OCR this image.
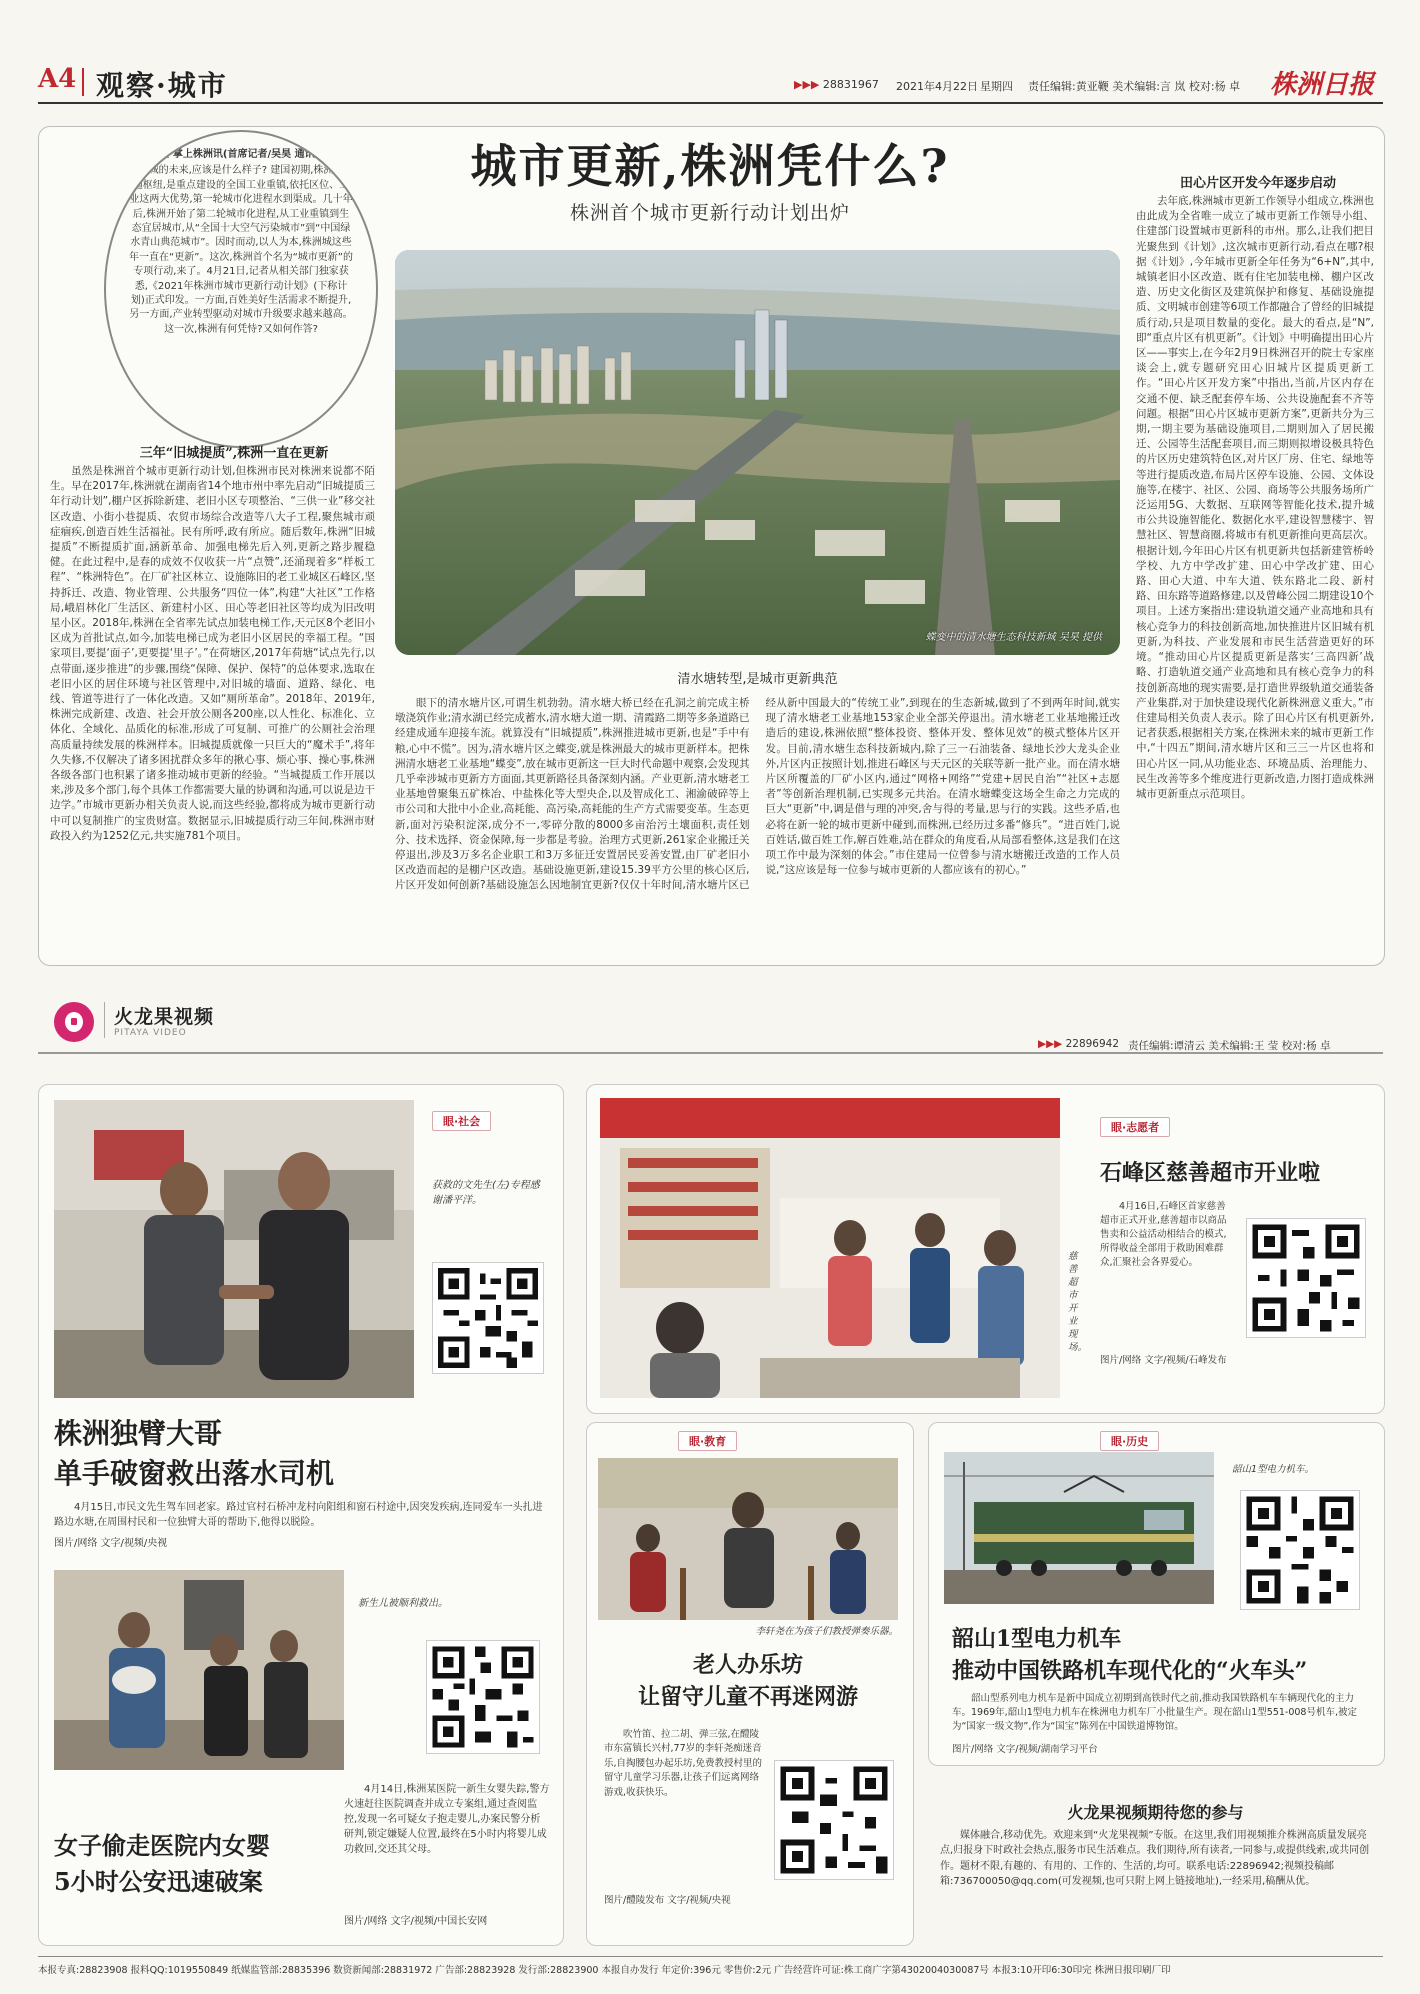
A4 观察·城市	▶▶▶ 28831967 2021年4月22日 星期四 责任编辑:黄亚鞭 美术编辑:言 岚 校对:杨 卓 株洲日报
株洲日报·掌上株洲讯(首席记者/吴昊 通讯员/代璐)
株洲城的未来,应该是什么样子? 建国初期,株洲是交通枢纽,是重点建设的全国工业重镇,依托区位、工业这两大优势,第一轮城市化进程水到渠成。几十年后,株洲开始了第二轮城市化进程,从工业重镇到生态宜居城市,从“全国十大空气污染城市”到“中国绿水青山典范城市”。因时而动,以人为本,株洲城这些年一直在“更新”。这次,株洲首个名为“城市更新”的专项行动,来了。4月21日,记者从相关部门独家获悉,《2021年株洲市城市更新行动计划》(下称计划)正式印发。一方面,百姓美好生活需求不断提升,另一方面,产业转型驱动对城市升级要求越来越高。这一次,株洲有何凭恃?又如何作答?
城市更新,株洲凭什么?
株洲首个城市更新行动计划出炉
蝶变中的清水塘生态科技新城 吴昊 提供
清水塘转型,是城市更新典范
三年“旧城提质”,株洲一直在更新
虽然是株洲首个城市更新行动计划,但株洲市民对株洲来说都不陌生。早在2017年,株洲就在湖南省14个地市州中率先启动“旧城提质三年行动计划”,棚户区拆除新建、老旧小区专项整治、“三供一业”移交社区改造、小街小巷提质、农贸市场综合改造等八大子工程,聚焦城市顽症痼疾,创造百姓生活福祉。民有所呼,政有所应。随后数年,株洲“旧城提质”不断提质扩面,涵新革命、加强电梯先后入列,更新之路步履稳健。在此过程中,是春的成效不仅收获一片“点赞”,还涌现着多“样板工程”、“株洲特色”。在厂矿社区林立、设施陈旧的老工业城区石峰区,坚持拆迁、改造、物业管理、公共服务“四位一体”,构建“大社区”工作格局,峨眉林化厂生活区、新建村小区、田心等老旧社区等均成为旧改明星小区。2018年,株洲在全省率先试点加装电梯工作,天元区8个老旧小区成为首批试点,如今,加装电梯已成为老旧小区居民的幸福工程。“国家项目,要提‘面子’,更要提‘里子’。”在荷塘区,2017年荷塘“试点先行,以点带面,逐步推进”的步骤,围绕“保障、保护、保特”的总体要求,选取在老旧小区的居住环境与社区管理中,对旧城的墙面、道路、绿化、电线、管道等进行了一体化改造。又如“厕所革命”。2018年、2019年,株洲完成新建、改造、社会开放公厕各200座,以人性化、标准化、立体化、全域化、品质化的标准,形成了可复制、可推广的公厕社会治理高质量持续发展的株洲样本。旧城提质就像一只巨大的“魔术手”,将年久失修,不仅解决了诸多困扰群众多年的揪心事、烦心事、操心事,株洲各级各部门也积累了诸多推动城市更新的经验。“当城提质工作开展以来,涉及多个部门,每个具体工作都需要大量的协调和沟通,可以说是边干边学。”市城市更新办相关负责人说,而这些经验,都将成为城市更新行动中可以复制推广的宝贵财富。数据显示,旧城提质行动三年间,株洲市财政投入约为1252亿元,共实施781个项目。
眼下的清水塘片区,可谓生机勃勃。清水塘大桥已经在孔洞之前完成主桥墩浇筑作业;清水湖已经完成蓄水,清水塘大道一期、清霞路二期等多条道路已经建成通车迎接车流。就算没有“旧城提质”,株洲推进城市更新,也是“手中有粮,心中不慌”。因为,清水塘片区之蝶变,就是株洲最大的城市更新样本。把株洲清水塘老工业基地“蝶变”,放在城市更新这一巨大时代命题中观察,会发现其几乎牵涉城市更新方方面面,其更新路径具备深刻内涵。产业更新,清水塘老工业基地曾聚集五矿株冶、中盐株化等大型央企,以及智成化工、湘渝破碎等上市公司和大批中小企业,高耗能、高污染,高耗能的生产方式需要变革。生态更新,面对污染积淀深,成分不一,零碎分散的8000多亩治污土壤面积,责任划分、技术选择、资金保障,每一步都是考验。治理方式更新,261家企业搬迁关停退出,涉及3万多名企业职工和3万多征迁安置居民妥善安置,由厂矿老旧小区改造而起的是棚户区改造。基础设施更新,建设15.39平方公里的核心区后,片区开发如何创新?基础设施怎么因地制宜更新?仅仅十年时间,清水塘片区已经从新中国最大的“传统工业”,到现在的生态新城,做到了不到两年时间,就实现了清水塘老工业基地153家企业全部关停退出。清水塘老工业基地搬迁改造后的建设,株洲依照“整体投资、整体开发、整体见效”的模式整体片区开发。目前,清水塘生态科技新城内,除了三一石油装备、绿地长沙大龙头企业外,片区内正按照计划,推进石峰区与天元区的关联等新一批产业。而在清水塘片区所覆盖的厂矿小区内,通过“网格+网络”“党建+居民自治”“社区+志愿者”等创新治理机制,已实现多元共治。在清水塘蝶变这场全生命之力完成的巨大“更新”中,调是借与理的冲突,舍与得的考量,思与行的实践。这些矛盾,也必将在新一轮的城市更新中碰到,而株洲,已经历过多番“修兵”。“进百姓门,说百姓话,做百姓工作,解百姓难,站在群众的角度看,从局部看整体,这是我们在这项工作中最为深刻的体会。”市住建局一位曾参与清水塘搬迁改造的工作人员说,“这应该是每一位参与城市更新的人都应该有的初心。”
田心片区开发今年逐步启动
去年底,株洲城市更新工作领导小组成立,株洲也由此成为全省唯一成立了城市更新工作领导小组、住建部门设置城市更新科的市州。那么,让我们把目光聚焦到《计划》,这次城市更新行动,看点在哪?根据《计划》,今年城市更新全年任务为“6+N”,其中,城镇老旧小区改造、既有住宅加装电梯、棚户区改造、历史文化街区及建筑保护和修复、基础设施提质、文明城市创建等6项工作都融合了曾经的旧城提质行动,只是项目数量的变化。最大的看点,是“N”,即“重点片区有机更新”。《计划》中明确提出田心片区——事实上,在今年2月9日株洲召开的院士专家座谈会上,就专题研究田心旧城片区提质更新工作。“田心片区开发方案”中指出,当前,片区内存在交通不便、缺乏配套停车场、公共设施配套不齐等问题。根据“田心片区城市更新方案”,更新共分为三期,一期主要为基础设施项目,二期则加入了居民搬迁、公园等生活配套项目,而三期则拟增设极具特色的片区历史建筑特色区,对片区厂房、住宅、绿地等等进行提质改造,布局片区停车设施、公园、文体设施等,在楼宇、社区、公园、商场等公共服务场所广泛运用5G、大数据、互联网等智能化技术,提升城市公共设施智能化、数据化水平,建设智慧楼宇、智慧社区、智慧商圈,将城市有机更新推向更高层次。根据计划,今年田心片区有机更新共包括新建管桥岭学校、九方中学改扩建、田心中学改扩建、田心路、田心大道、中车大道、铁东路北二段、新村路、田东路等道路修建,以及曾峰公园二期建设10个项目。上述方案指出:建设轨道交通产业高地和具有核心竞争力的科技创新高地,加快推进片区旧城有机更新,为科技、产业发展和市民生活营造更好的环境。“推动田心片区提质更新是落实‘三高四新’战略、打造轨道交通产业高地和具有核心竞争力的科技创新高地的现实需要,是打造世界级轨道交通装备产业集群,对于加快建设现代化新株洲意义重大。”市住建局相关负责人表示。除了田心片区有机更新外,记者获悉,根据相关方案,在株洲未来的城市更新工作中,“十四五”期间,清水塘片区和三三一片区也将和田心片区一同,从功能业态、环境品质、治理能力、民生改善等多个维度进行更新改造,力图打造成株洲城市更新重点示范项目。
火龙果视频
PITAYA VIDEO
▶▶▶ 22896942 责任编辑:谭清云 美术编辑:王 莹 校对:杨 卓
眼·社会
获救的文先生(左)专程感谢潘平洋。
株洲独臂大哥
单手破窗救出落水司机
4月15日,市民文先生驾车回老家。路过官村石桥冲龙村向阳组和窗石村途中,因突发疾病,连同爱车一头扎进路边水塘,在周围村民和一位独臂大哥的帮助下,他得以脱险。
图片/网络 文字/视频/央视
新生儿被顺利救出。
女子偷走医院内女婴
5小时公安迅速破案
4月14日,株洲某医院一新生女婴失踪,警方火速赶往医院调查并成立专案组,通过查阅监控,发现一名可疑女子抱走婴儿,办案民警分析研判,锁定嫌疑人位置,最终在5小时内将婴儿成功救回,交还其父母。
图片/网络 文字/视频/中国长安网
慈善超市开业现场。
眼·志愿者
石峰区慈善超市开业啦
4月16日,石峰区首家慈善超市正式开业,慈善超市以商品售卖和公益活动相结合的模式,所得收益全部用于救助困难群众,汇聚社会各界爱心。
图片/网络 文字/视频/石峰发布
眼·教育
李轩尧在为孩子们教授弹奏乐器。
老人办乐坊
让留守儿童不再迷网游
吹竹笛、拉二胡、弹三弦,在醴陵市东富镇长兴村,77岁的李轩尧痴迷音乐,自掏腰包办起乐坊,免费教授村里的留守儿童学习乐器,让孩子们远离网络游戏,收获快乐。
图片/醴陵发布 文字/视频/央视
眼·历史
韶山1型电力机车。
韶山1型电力机车
推动中国铁路机车现代化的“火车头”
韶山型系列电力机车是新中国成立初期到高铁时代之前,推动我国铁路机车车辆现代化的主力车。1969年,韶山1型电力机车在株洲电力机车厂小批量生产。现在韶山1型551-008号机车,被定为“国家一级文物”,作为“国宝”陈列在中国铁道博物馆。
图片/网络 文字/视频/湖南学习平台
火龙果视频期待您的参与
媒体融合,移动优先。欢迎来到“火龙果视频”专版。在这里,我们用视频推介株洲高质量发展亮点,归报身下时政社会热点,服务市民生活难点。我们期待,所有读者,一同参与,或提供线索,或共同创作。题材不限,有趣的、有用的、工作的、生活的,均可。联系电话:22896942;视频投稿邮箱:736700050@qq.com(可发视频,也可只附上网上链接地址),一经采用,稿酬从优。
本报专真:28823908 报料QQ:1019550849 纸媒监管部:28835396 数资新闻部:28831972 广告部:28823928 发行部:28823900 本报自办发行 年定价:396元 零售价:2元 广告经营许可证:株工商广字第4302004030087号 本报3:10开印6:30印完 株洲日报印刷厂印
